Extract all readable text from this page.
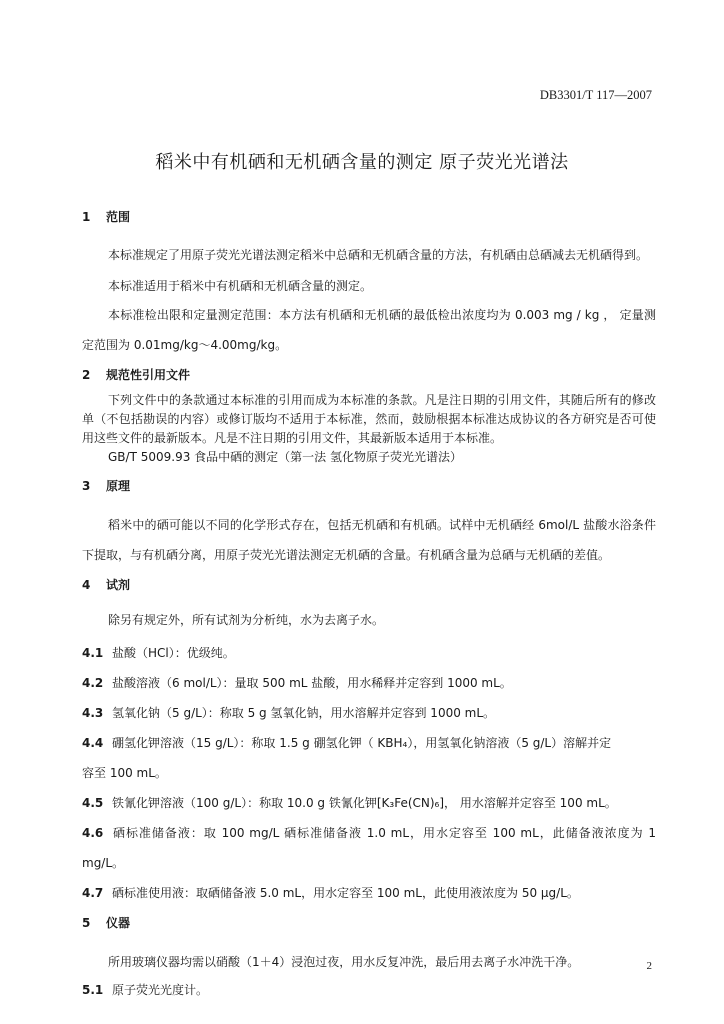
DB3301/T 117—2007
稻米中有机硒和无机硒含量的测定 原子荧光光谱法
1 范围

本标准规定了用原子荧光光谱法测定稻米中总硒和无机硒含量的方法，有机硒由总硒减去无机硒得到。

本标准适用于稻米中有机硒和无机硒含量的测定。

本标准检出限和定量测定范围：本方法有机硒和无机硒的最低检出浓度均为 0.003 mg / kg ， 定量测定范围为 0.01mg/kg～4.00mg/kg。

2 规范性引用文件

下列文件中的条款通过本标准的引用而成为本标准的条款。凡是注日期的引用文件，其随后所有的修改单（不包括勘误的内容）或修订版均不适用于本标准，然而，鼓励根据本标准达成协议的各方研究是否可使用这些文件的最新版本。凡是不注日期的引用文件，其最新版本适用于本标准。

GB/T 5009.93 食品中硒的测定（第一法 氢化物原子荧光光谱法）

3 原理

稻米中的硒可能以不同的化学形式存在，包括无机硒和有机硒。试样中无机硒经 6mol/L 盐酸水浴条件下提取，与有机硒分离，用原子荧光光谱法测定无机硒的含量。有机硒含量为总硒与无机硒的差值。

4 试剂

除另有规定外，所有试剂为分析纯，水为去离子水。

4.1 盐酸（HCl）：优级纯。

4.2 盐酸溶液（6 mol/L）：量取 500 mL 盐酸，用水稀释并定容到 1000 mL。

4.3 氢氧化钠（5 g/L）：称取 5 g 氢氧化钠，用水溶解并定容到 1000 mL。

4.4 硼氢化钾溶液（15 g/L）：称取 1.5 g 硼氢化钾（ KBH₄），用氢氧化钠溶液（5 g/L）溶解并定

容至 100 mL。

4.5 铁氰化钾溶液（100 g/L）：称取 10.0 g 铁氰化钾[K₃Fe(CN)₆]， 用水溶解并定容至 100 mL。

4.6 硒标准储备液：取 100 mg/L 硒标准储备液 1.0 mL，用水定容至 100 mL，此储备液浓度为 1 mg/L。

4.7 硒标准使用液：取硒储备液 5.0 mL，用水定容至 100 mL，此使用液浓度为 50 μg/L。

5 仪器

所用玻璃仪器均需以硝酸（1＋4）浸泡过夜，用水反复冲洗，最后用去离子水冲洗干净。

5.1 原子荧光光度计。

2
